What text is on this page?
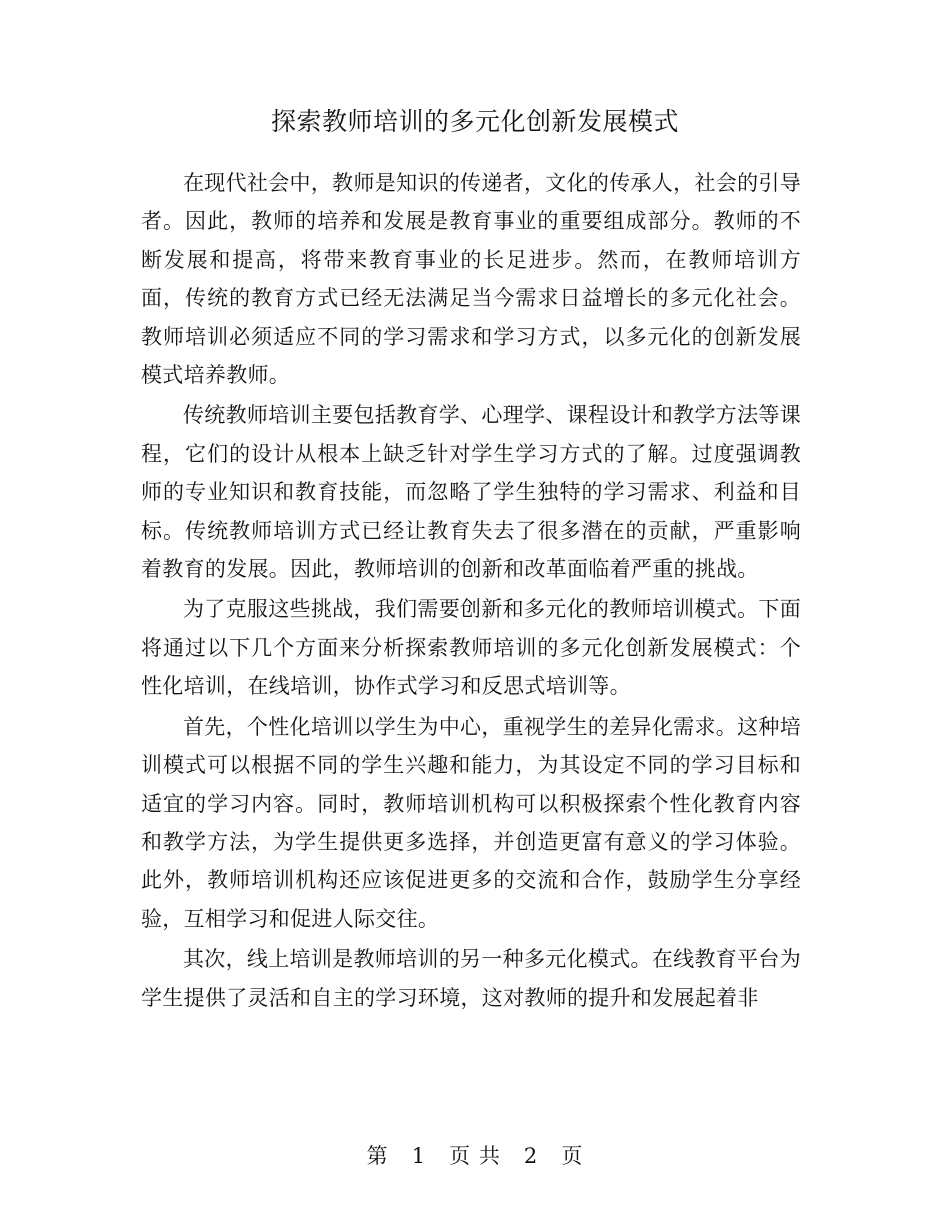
探索教师培训的多元化创新发展模式

在现代社会中，教师是知识的传递者，文化的传承人，社会的引导者。因此，教师的培养和发展是教育事业的重要组成部分。教师的不断发展和提高，将带来教育事业的长足进步。然而，在教师培训方面，传统的教育方式已经无法满足当今需求日益增长的多元化社会。教师培训必须适应不同的学习需求和学习方式，以多元化的创新发展模式培养教师。

传统教师培训主要包括教育学、心理学、课程设计和教学方法等课程，它们的设计从根本上缺乏针对学生学习方式的了解。过度强调教师的专业知识和教育技能，而忽略了学生独特的学习需求、利益和目标。传统教师培训方式已经让教育失去了很多潜在的贡献，严重影响着教育的发展。因此，教师培训的创新和改革面临着严重的挑战。

为了克服这些挑战，我们需要创新和多元化的教师培训模式。下面将通过以下几个方面来分析探索教师培训的多元化创新发展模式：个性化培训，在线培训，协作式学习和反思式培训等。

首先，个性化培训以学生为中心，重视学生的差异化需求。这种培训模式可以根据不同的学生兴趣和能力，为其设定不同的学习目标和适宜的学习内容。同时，教师培训机构可以积极探索个性化教育内容和教学方法，为学生提供更多选择，并创造更富有意义的学习体验。此外，教师培训机构还应该促进更多的交流和合作，鼓励学生分享经验，互相学习和促进人际交往。

其次，线上培训是教师培训的另一种多元化模式。在线教育平台为学生提供了灵活和自主的学习环境，这对教师的提升和发展起着非

第 1 页 共 2 页
